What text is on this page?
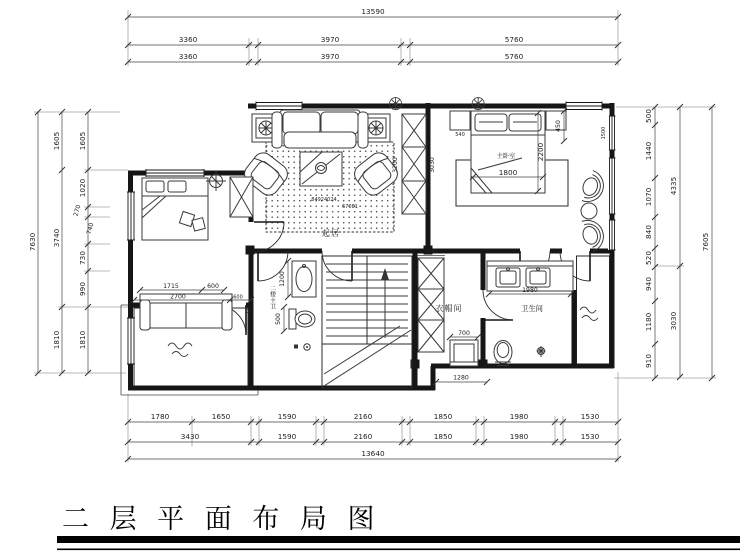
13590
3360	3970	5760
3360	3970	5760
1780	1650	1590	2160	1850	1980	1530
3430	1590	2160	1850	1980	1530
13640
1605
1020
270
740
730
990
1810
1605
3740
1810
7630
500
1440
1070
840
520
940
1180
910
4335
3030
7605
84924024
67081
起居
3200	3030
600
1715	600
2700	600
322
2200
1800
450
540	1500
主卧室
1200
500
二楼主卫	衣帽间
1980
卫生间
700
1280
二 层 平 面 布 局 图
